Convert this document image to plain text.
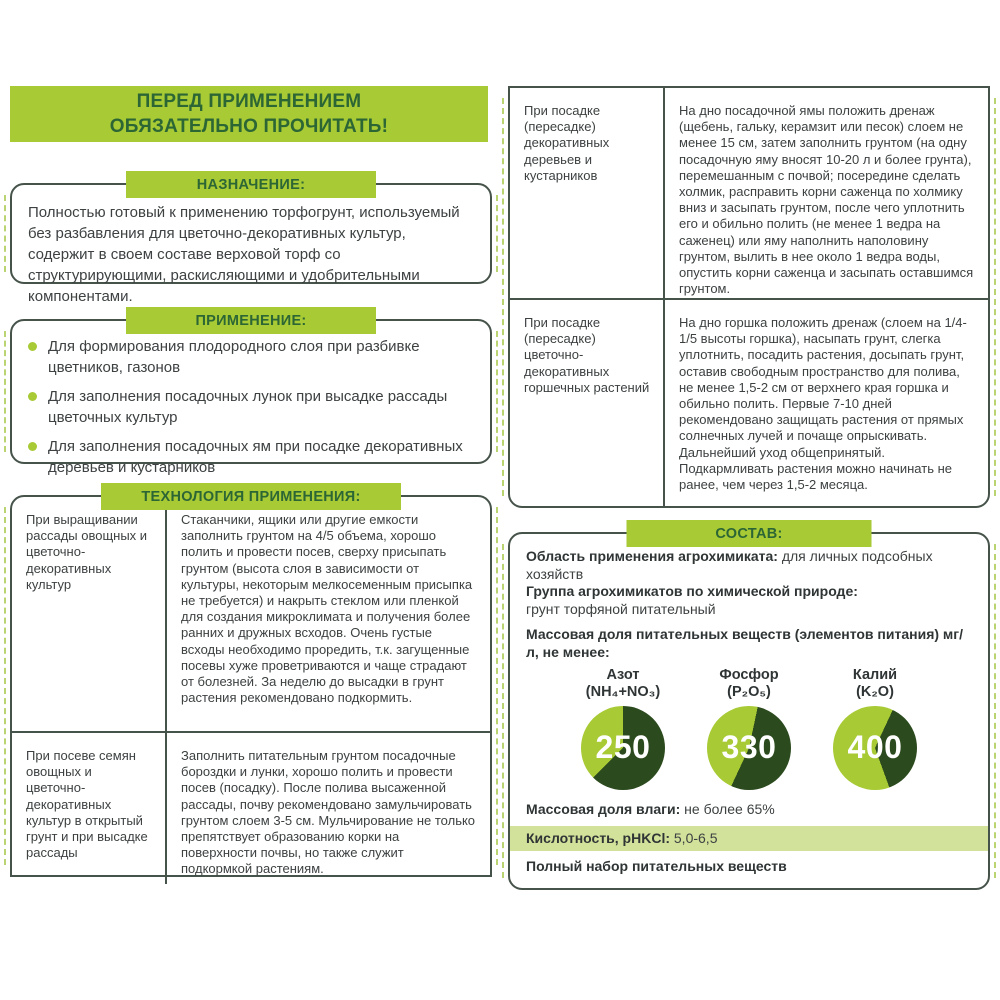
ПЕРЕД ПРИМЕНЕНИЕМ
ОБЯЗАТЕЛЬНО ПРОЧИТАТЬ!
НАЗНАЧЕНИЕ:
Полностью готовый к применению торфогрунт, используемый без разбавления для цветочно-декоративных культур, содержит в своем составе верховой торф со структурирующими, раскисляющими и удобрительными компонентами.
ПРИМЕНЕНИЕ:
Для формирования плодородного слоя при разбивке цветников, газонов
Для заполнения посадочных лунок при высадке рассады цветочных культур
Для заполнения посадочных ям при посадке декоративных деревьев и кустарников
ТЕХНОЛОГИЯ ПРИМЕНЕНИЯ:
При выращивании рассады овощных и цветочно-декоративных культур
Стаканчики, ящики или другие емкости заполнить грунтом на 4/5 объема, хорошо полить и провести посев, сверху присыпать грунтом (высота слоя в зависимости от культуры, некоторым мелкосеменным присыпка не требуется) и накрыть стеклом или пленкой для создания микроклимата и получения более ранних и дружных всходов. Очень густые всходы необходимо проредить, т.к. загущенные посевы хуже проветриваются и чаще страдают от болезней. За неделю до высадки в грунт растения рекомендовано подкормить.
При посеве семян овощных и цветочно-декоративных культур в открытый грунт и при высадке рассады
Заполнить питательным грунтом посадочные бороздки и лунки, хорошо полить и провести посев (посадку). После полива высаженной рассады, почву рекомендовано замульчировать грунтом слоем 3-5 см. Мульчирование не только препятствует образованию корки на поверхности почвы, но также служит подкормкой растениям.
При посадке (пересадке) декоративных деревьев и кустарников
На дно посадочной ямы положить дренаж (щебень, гальку, керамзит или песок) слоем не менее 15 см, затем заполнить грунтом (на одну посадочную яму вносят 10-20 л и более грунта), перемешанным с почвой; посередине сделать холмик, расправить корни саженца по холмику вниз и засыпать грунтом, после чего уплотнить его и обильно полить (не менее 1 ведра на саженец) или яму наполнить наполовину грунтом, вылить в нее около 1 ведра воды, опустить корни саженца и засыпать оставшимся грунтом.
При посадке (пересадке) цветочно-декоративных горшечных растений
На дно горшка положить дренаж (слоем на 1/4-1/5 высоты горшка), насыпать грунт, слегка уплотнить, посадить растения, досыпать грунт, оставив свободным пространство для полива, не менее 1,5-2 см от верхнего края горшка и обильно полить. Первые 7-10 дней рекомендовано защищать растения от прямых солнечных лучей и почаще опрыскивать. Дальнейший уход общепринятый. Подкармливать растения можно начинать не ранее, чем через 1,5-2 месяца.
СОСТАВ:
Область применения агрохимиката: для личных подсобных хозяйств
Группа агрохимикатов по химической природе:
грунт торфяной питательный
Массовая доля питательных веществ (элементов питания) мг/л, не менее:
Азот
(NH₄+NO₃)
250
Фосфор
(P₂O₅)
330
Калий
(K₂O)
400
Массовая доля влаги: не более 65%
Кислотность, рНKCl: 5,0-6,5
Полный набор питательных веществ
